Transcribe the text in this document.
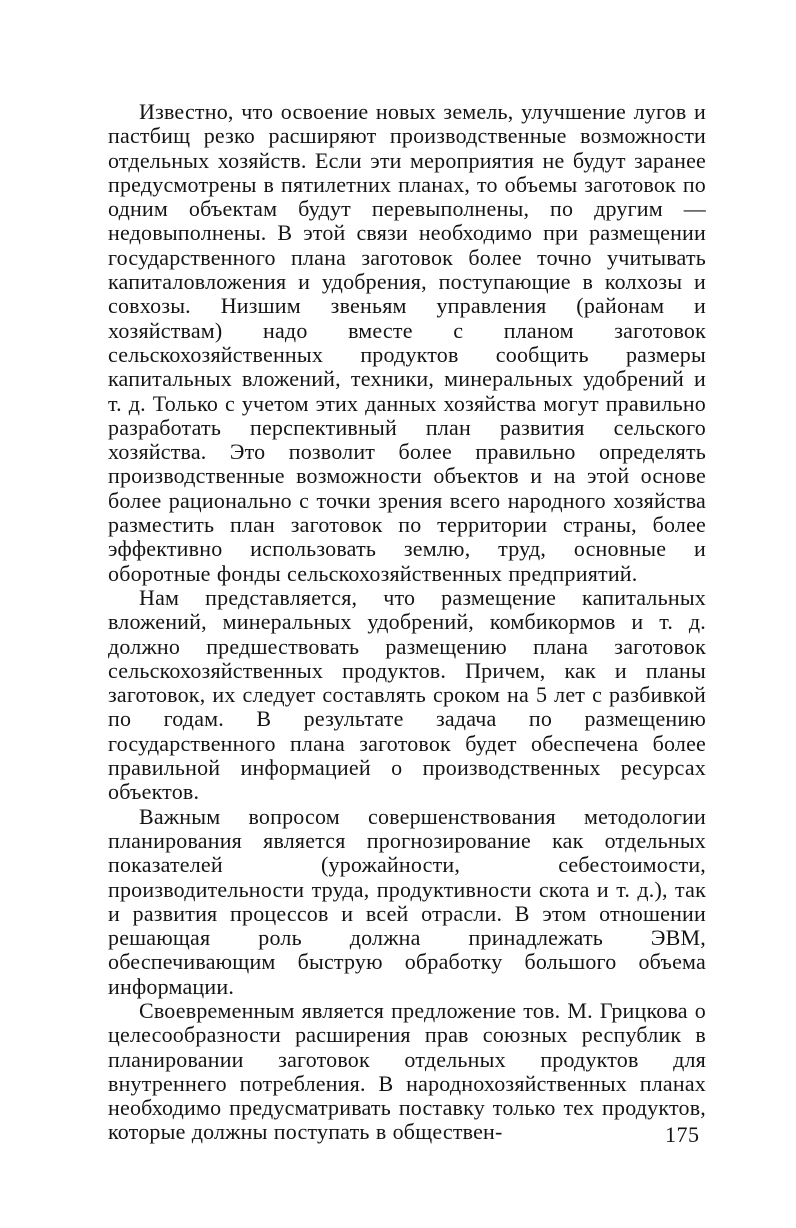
Известно, что освоение новых земель, улучшение лугов и пастбищ резко расширяют производственные возможности отдельных хозяйств. Если эти мероприятия не будут заранее предусмотрены в пятилетних планах, то объемы заготовок по одним объектам будут перевыполнены, по другим — недовыполнены. В этой связи необходимо при размещении государственного плана заготовок более точно учитывать капиталовложения и удобрения, поступающие в колхозы и совхозы. Низшим звеньям управления (районам и хозяйствам) надо вместе с планом заготовок сельскохозяйственных продуктов сообщить размеры капитальных вложений, техники, минеральных удобрений и т. д. Только с учетом этих данных хозяйства могут правильно разработать перспективный план развития сельского хозяйства. Это позволит более правильно определять производственные возможности объектов и на этой основе более рационально с точки зрения всего народного хозяйства разместить план заготовок по территории страны, более эффективно использовать землю, труд, основные и оборотные фонды сельскохозяйственных предприятий.

Нам представляется, что размещение капитальных вложений, минеральных удобрений, комбикормов и т. д. должно предшествовать размещению плана заготовок сельскохозяйственных продуктов. Причем, как и планы заготовок, их следует составлять сроком на 5 лет с разбивкой по годам. В результате задача по размещению государственного плана заготовок будет обеспечена более правильной информацией о производственных ресурсах объектов.

Важным вопросом совершенствования методологии планирования является прогнозирование как отдельных показателей (урожайности, себестоимости, производительности труда, продуктивности скота и т. д.), так и развития процессов и всей отрасли. В этом отношении решающая роль должна принадлежать ЭВМ, обеспечивающим быструю обработку большого объема информации.

Своевременным является предложение тов. М. Грицкова о целесообразности расширения прав союзных республик в планировании заготовок отдельных продуктов для внутреннего потребления. В народнохозяйственных планах необходимо предусматривать поставку только тех продуктов, которые должны поступать в обществен-	175
